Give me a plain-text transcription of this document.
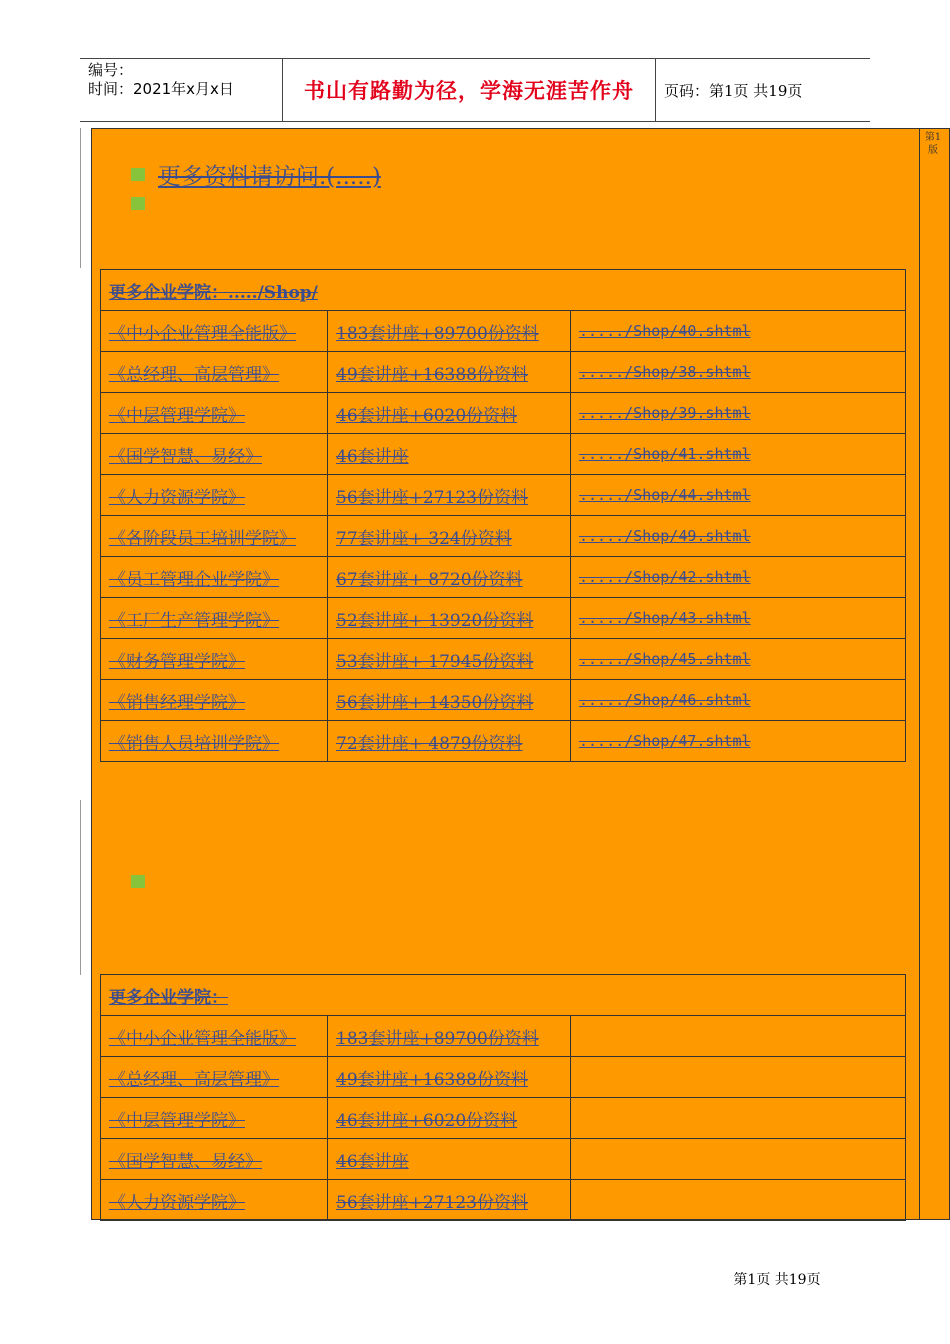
编号：
时间：2021年x月x日	书山有路勤为径，学海无涯苦作舟	页码：第1页 共19页
第1版
更多资料请访问.(.....)
更多企业学院：...../Shop/		
《中小企业管理全能版》	183套讲座+89700份资料	...../Shop/40.shtml
《总经理、高层管理》	49套讲座+16388份资料	...../Shop/38.shtml
《中层管理学院》	46套讲座+6020份资料	...../Shop/39.shtml
《国学智慧、易经》	46套讲座	...../Shop/41.shtml
《人力资源学院》	56套讲座+27123份资料	...../Shop/44.shtml
《各阶段员工培训学院》	77套讲座+ 324份资料	...../Shop/49.shtml
《员工管理企业学院》	67套讲座+ 8720份资料	...../Shop/42.shtml
《工厂生产管理学院》	52套讲座+ 13920份资料	...../Shop/43.shtml
《财务管理学院》	53套讲座+ 17945份资料	...../Shop/45.shtml
《销售经理学院》	56套讲座+ 14350份资料	...../Shop/46.shtml
《销售人员培训学院》	72套讲座+ 4879份资料	...../Shop/47.shtml
更多企业学院：		
《中小企业管理全能版》	183套讲座+89700份资料	
《总经理、高层管理》	49套讲座+16388份资料	
《中层管理学院》	46套讲座+6020份资料	
《国学智慧、易经》	46套讲座	
《人力资源学院》	56套讲座+27123份资料	
第1页 共19页
